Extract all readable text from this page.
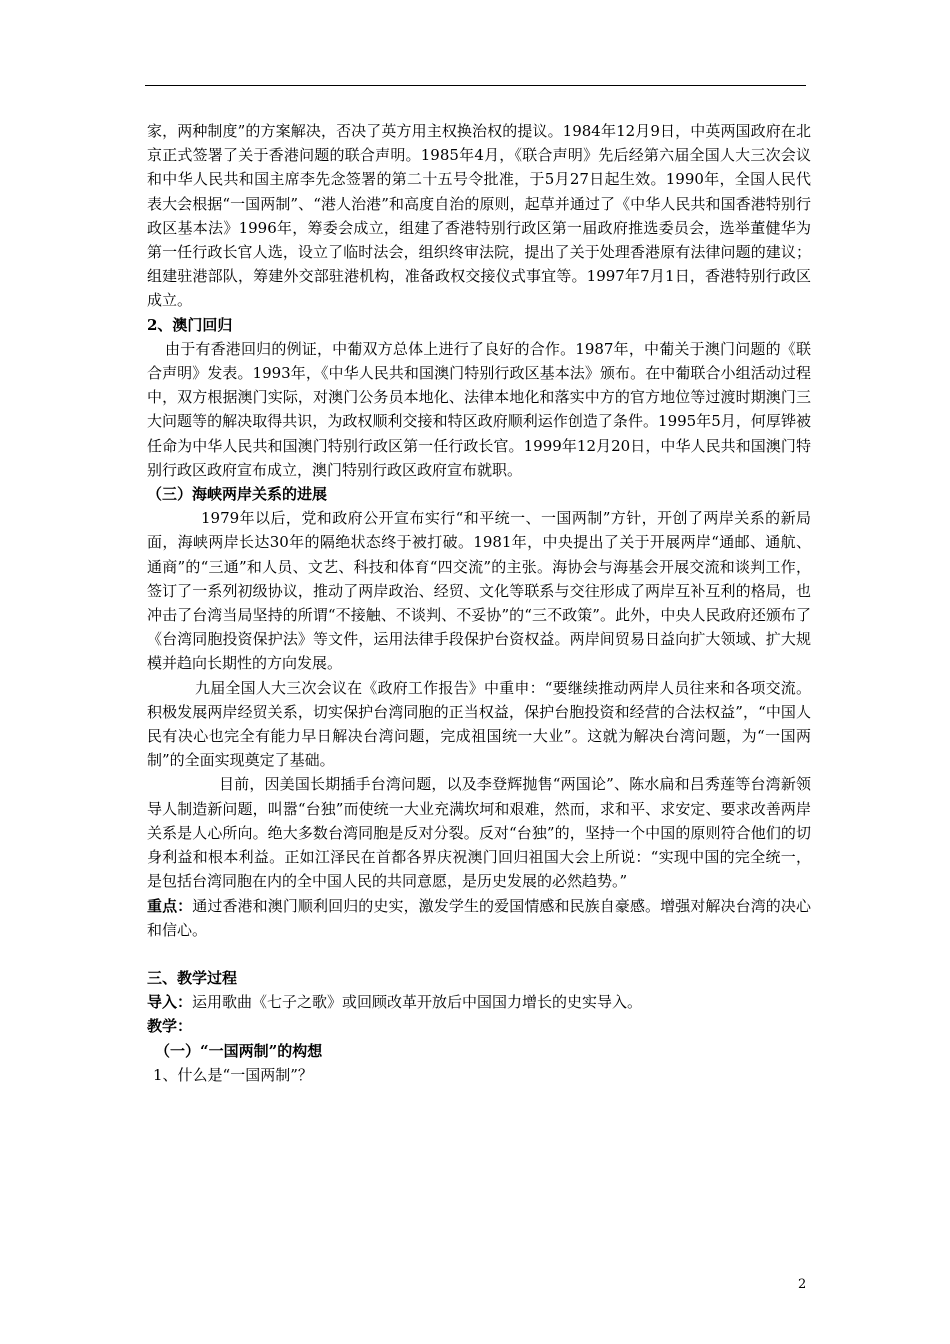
家，两种制度”的方案解决，否决了英方用主权换治权的提议。1984年12月9日，中英两国政府在北京正式签署了关于香港问题的联合声明。1985年4月，《联合声明》先后经第六届全国人大三次会议和中华人民共和国主席李先念签署的第二十五号令批准，于5月27日起生效。1990年，全国人民代表大会根据“一国两制”、“港人治港”和高度自治的原则，起草并通过了《中华人民共和国香港特别行政区基本法》1996年，筹委会成立，组建了香港特别行政区第一届政府推选委员会，选举董健华为第一任行政长官人选，设立了临时法会，组织终审法院，提出了关于处理香港原有法律问题的建议；组建驻港部队，筹建外交部驻港机构，准备政权交接仪式事宜等。1997年7月1日，香港特别行政区成立。

2、澳门回归

由于有香港回归的例证，中葡双方总体上进行了良好的合作。1987年，中葡关于澳门问题的《联合声明》发表。1993年，《中华人民共和国澳门特别行政区基本法》颁布。在中葡联合小组活动过程中，双方根据澳门实际，对澳门公务员本地化、法律本地化和落实中方的官方地位等过渡时期澳门三大问题等的解决取得共识，为政权顺利交接和特区政府顺利运作创造了条件。1995年5月，何厚铧被任命为中华人民共和国澳门特别行政区第一任行政长官。1999年12月20日，中华人民共和国澳门特别行政区政府宣布成立，澳门特别行政区政府宣布就职。

（三）海峡两岸关系的进展

1979年以后，党和政府公开宣布实行“和平统一、一国两制”方针，开创了两岸关系的新局面，海峡两岸长达30年的隔绝状态终于被打破。1981年，中央提出了关于开展两岸“通邮、通航、通商”的“三通”和人员、文艺、科技和体育“四交流”的主张。海协会与海基会开展交流和谈判工作，签订了一系列初级协议，推动了两岸政治、经贸、文化等联系与交往形成了两岸互补互利的格局，也冲击了台湾当局坚持的所谓“不接触、不谈判、不妥协”的“三不政策”。此外，中央人民政府还颁布了《台湾同胞投资保护法》等文件，运用法律手段保护台资权益。两岸间贸易日益向扩大领域、扩大规模并趋向长期性的方向发展。

九届全国人大三次会议在《政府工作报告》中重申：“要继续推动两岸人员往来和各项交流。积极发展两岸经贸关系，切实保护台湾同胞的正当权益，保护台胞投资和经营的合法权益”，“中国人民有决心也完全有能力早日解决台湾问题，完成祖国统一大业”。这就为解决台湾问题，为“一国两制”的全面实现奠定了基础。

目前，因美国长期插手台湾问题，以及李登辉抛售“两国论”、陈水扁和吕秀莲等台湾新领导人制造新问题，叫嚣“台独”而使统一大业充满坎坷和艰难，然而，求和平、求安定、要求改善两岸关系是人心所向。绝大多数台湾同胞是反对分裂。反对“台独”的，坚持一个中国的原则符合他们的切身利益和根本利益。正如江泽民在首都各界庆祝澳门回归祖国大会上所说：“实现中国的完全统一，是包括台湾同胞在内的全中国人民的共同意愿，是历史发展的必然趋势。”

重点：通过香港和澳门顺利回归的史实，激发学生的爱国情感和民族自豪感。增强对解决台湾的决心和信心。

三、教学过程

导入：运用歌曲《七子之歌》或回顾改革开放后中国国力增长的史实导入。

教学：

（一）“一国两制”的构想

1、什么是“一国两制”？

2
